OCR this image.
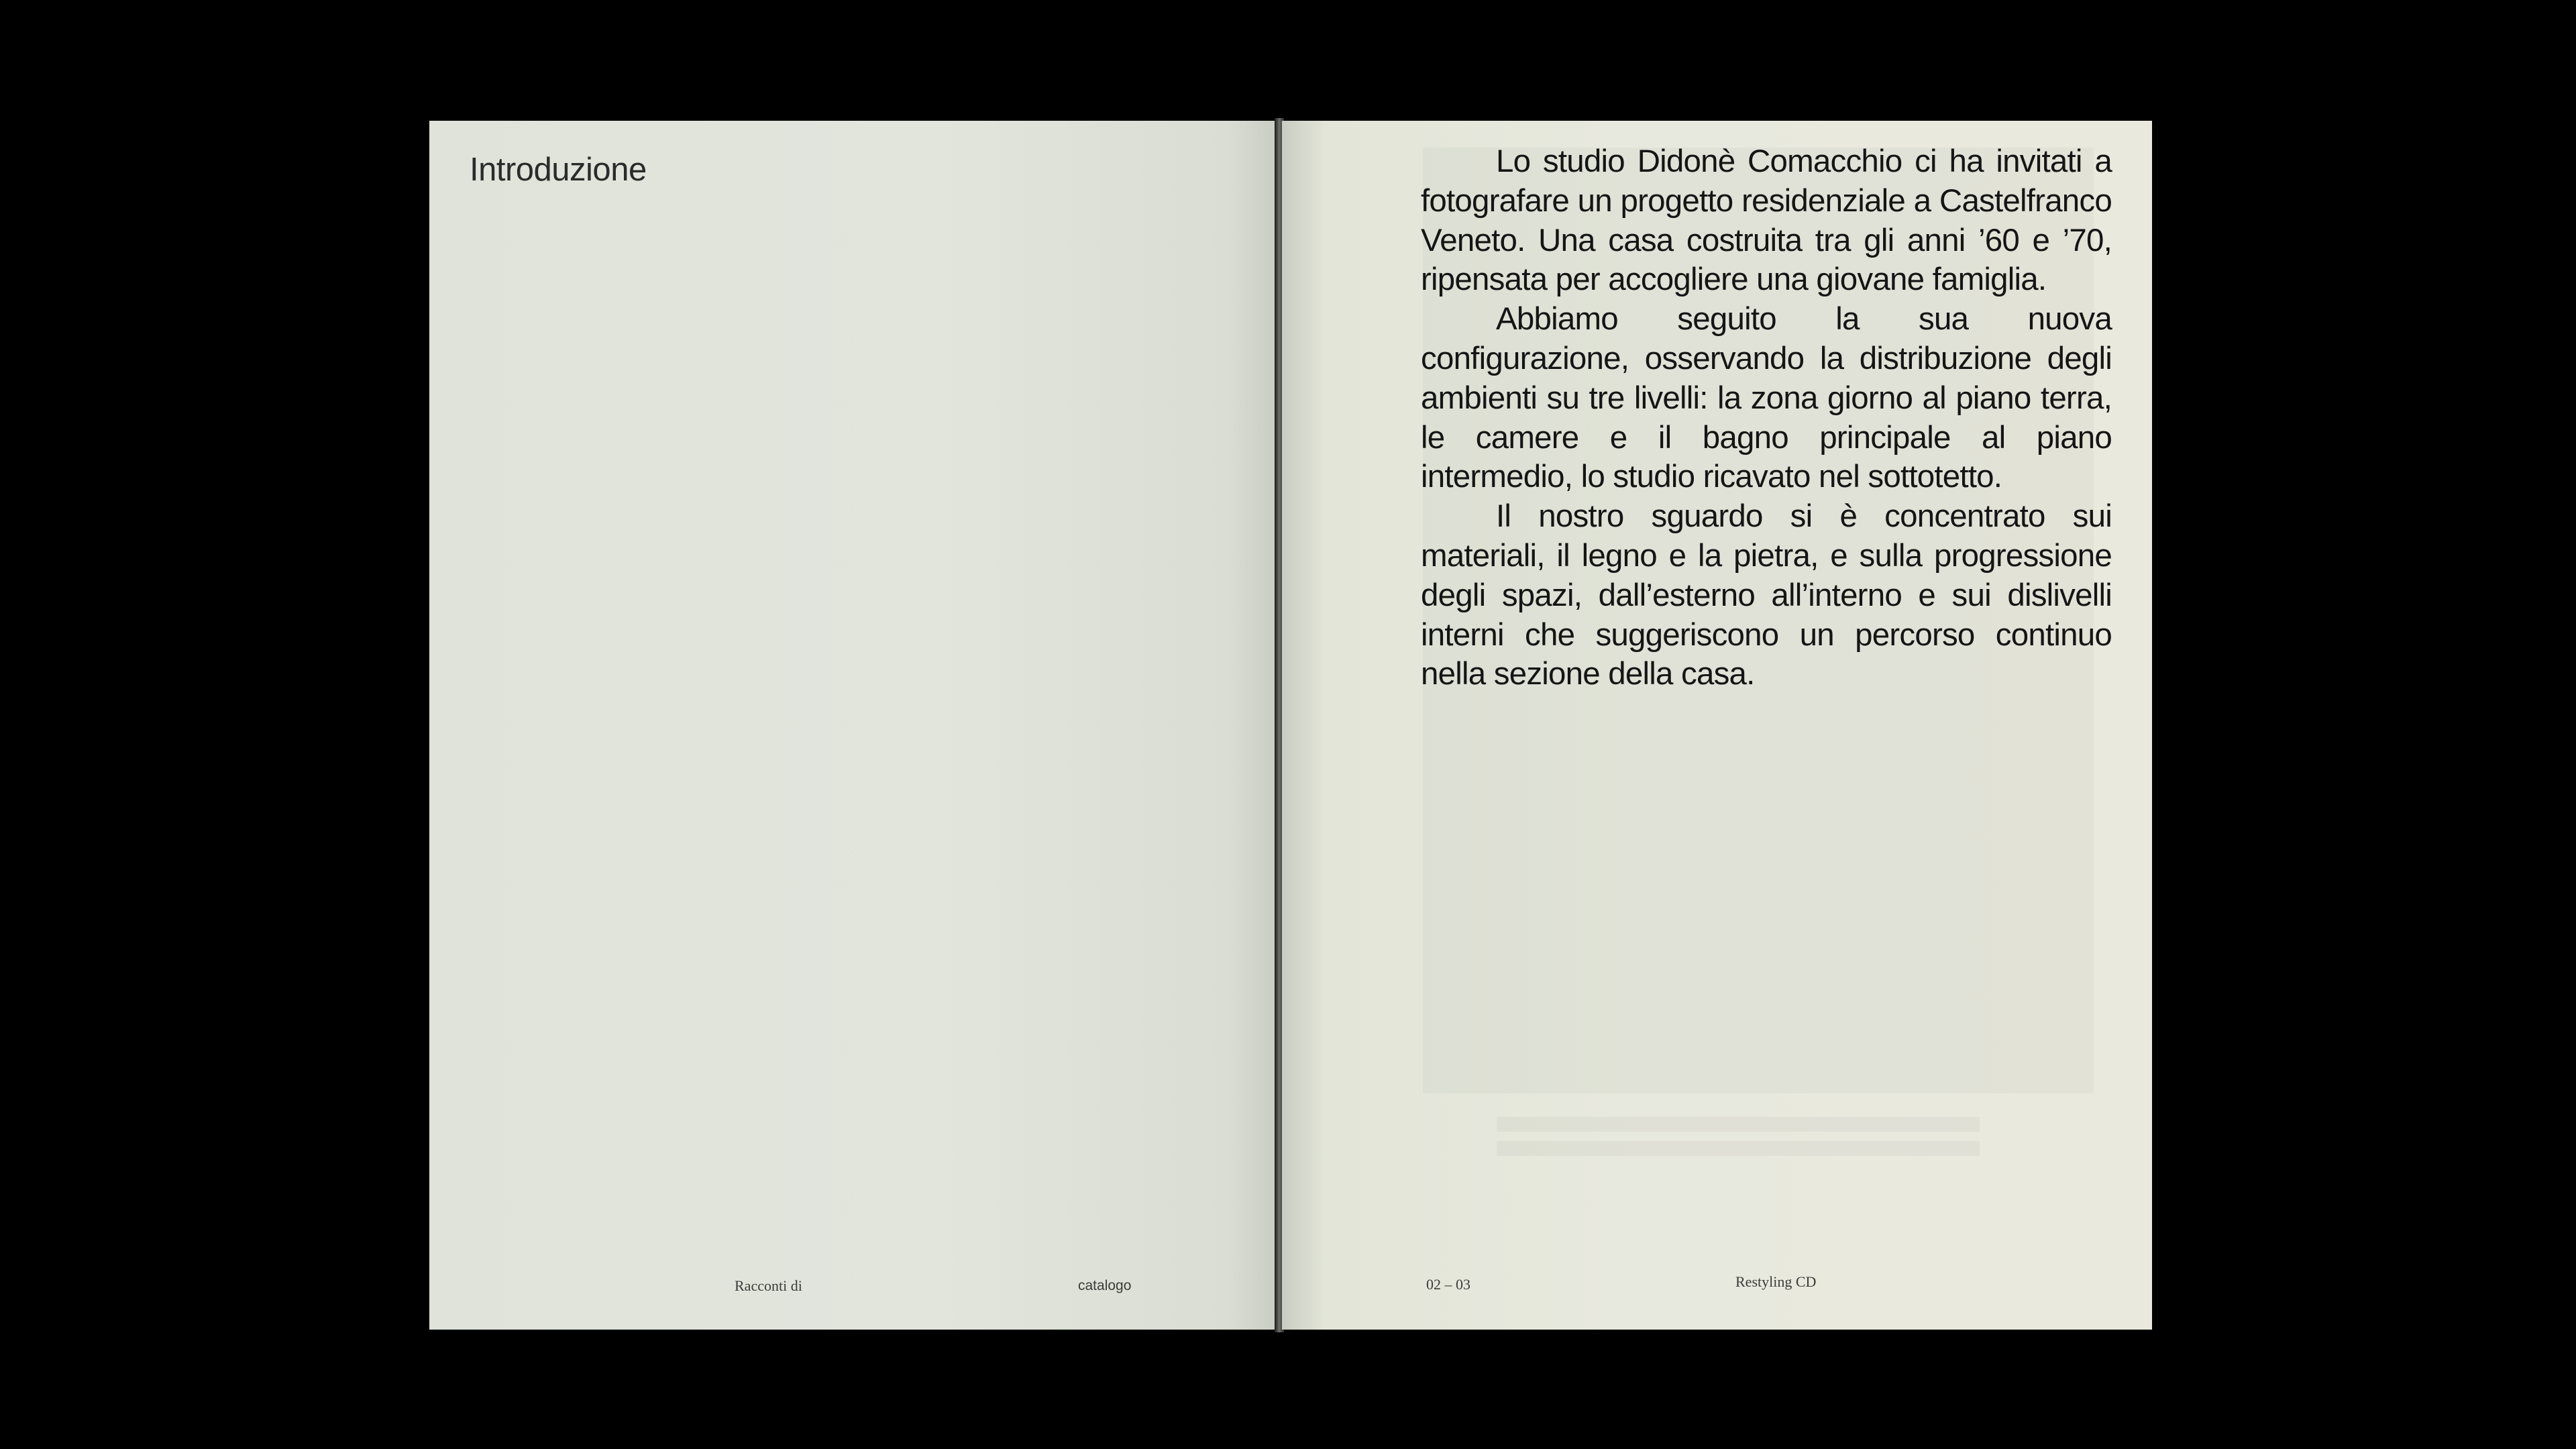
Introduzione
Racconti di	catalogo

Lo studio Didonè Comacchio ci ha invitati a fotografare un progetto residenziale a Castelfranco Veneto. Una casa costruita tra gli anni ’60 e ’70, ripensata per accogliere una giovane famiglia.

Abbiamo seguito la sua nuova configurazione, osservando la distribuzione degli ambienti su tre livelli: la zona giorno al piano terra, le camere e il bagno principale al piano intermedio, lo studio ricavato nel sottotetto.

Il nostro sguardo si è concentrato sui materiali, il legno e la pietra, e sulla progressione degli spazi, dall’esterno all’interno e sui dislivelli interni che suggeriscono un percorso continuo nella sezione della casa.

02 – 03	Restyling CD
